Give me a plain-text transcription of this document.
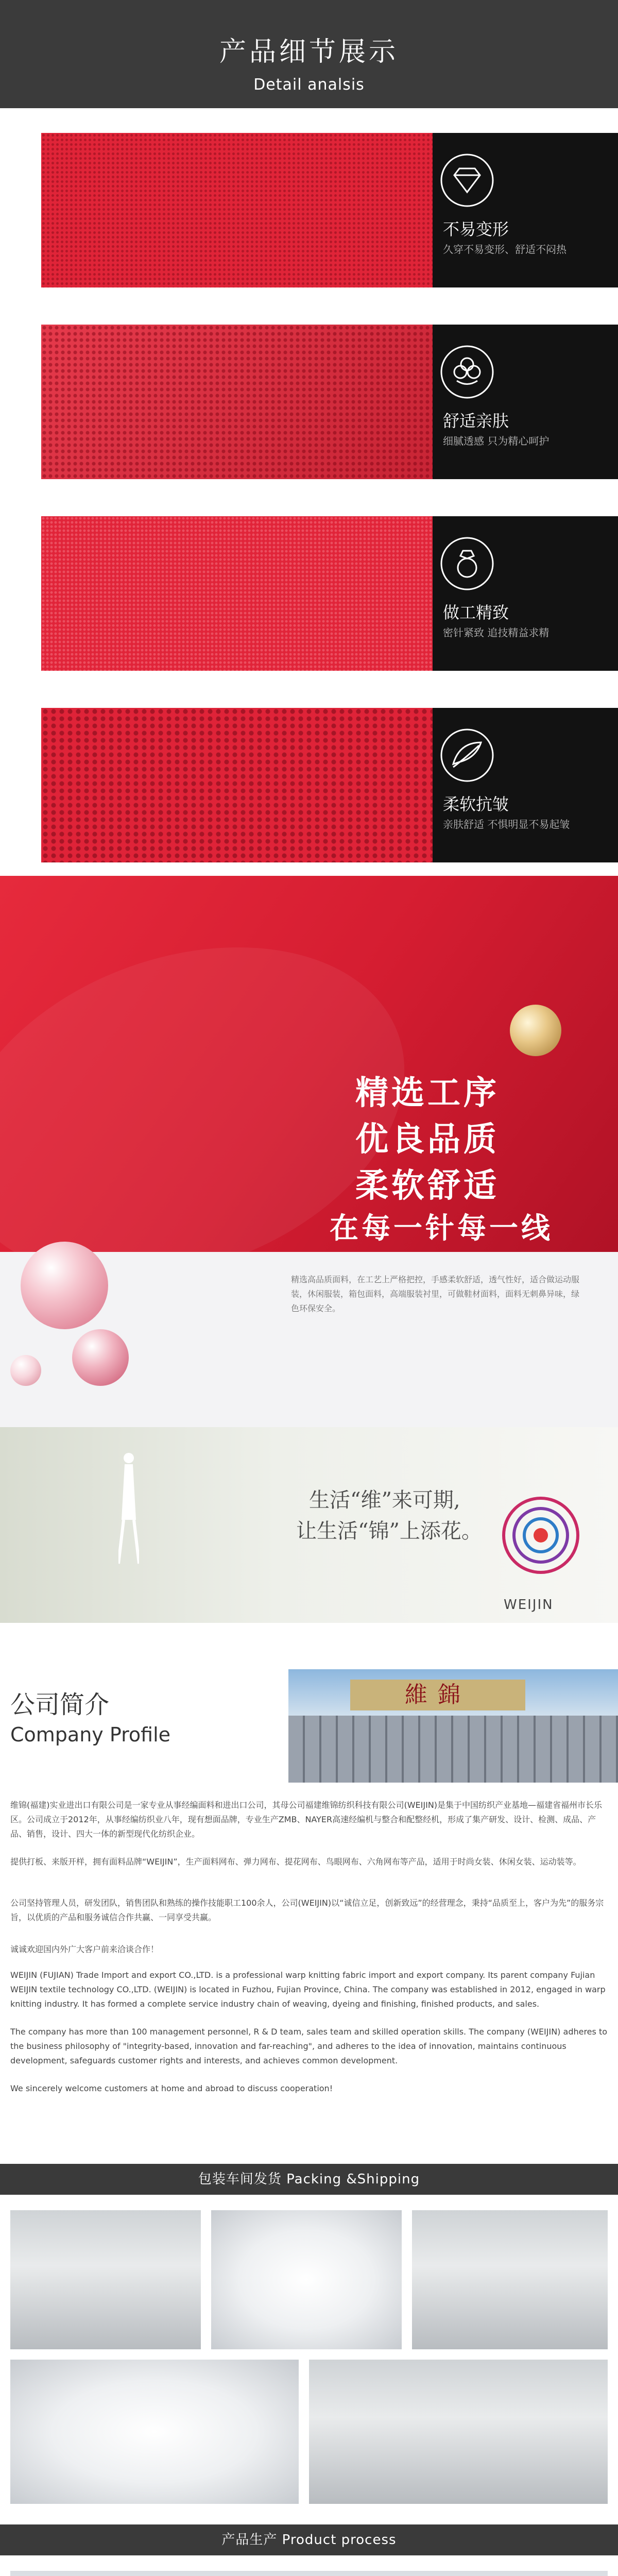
产品细节展示
Detail analsis
不易变形
久穿不易变形、舒适不闷热
舒适亲肤
细腻透感 只为精心呵护
做工精致
密针紧致 追技精益求精
柔软抗皱
亲肤舒适 不惧明显不易起皱
精选工序
优良品质
柔软舒适
在每一针每一线
精选高品质面料，在工艺上严格把控，手感柔软舒适，透气性好，适合做运动服装，休闲服装，箱包面料，高端服装衬里，可做鞋材面料，面料无刺鼻异味，绿色环保安全。
生活“维”来可期,
让生活“锦”上添花。
WEIJIN
公司简介
Company Profile
維錦
维锦(福建)实业进出口有限公司是一家专业从事经编面料和进出口公司，其母公司福建维锦纺织科技有限公司(WEIJIN)是集于中国纺织产业基地—福建省福州市长乐区。公司成立于2012年，从事经编纺织业八年，现有想面品牌，专业生产ZMB、NAYER高速经编机与整合和配整经机，形成了集产研发、设计、检测、成品、产品、销售，设计、四大一体的新型现代化纺织企业。
提供打板、来版开样，拥有面料品牌“WEIJIN”，生产面料网布、弹力网布、提花网布、鸟眼网布、六角网布等产品，适用于时尚女装、休闲女装、运动装等。
公司坚持管理人员，研发团队，销售团队和熟练的操作技能职工100余人，公司(WEIJIN)以“诚信立足，创新致远”的经营理念，秉持“品质至上，客户为先”的服务宗旨，以优质的产品和服务诚信合作共赢、一同享受共赢。
诚诚欢迎国内外广大客户前来洽谈合作！
WEIJIN (FUJIAN) Trade Import and export CO.,LTD. is a professional warp knitting fabric import and export company. Its parent company Fujian WEIJIN textile technology CO.,LTD. (WEIJIN) is located in Fuzhou, Fujian Province, China. The company was established in 2012, engaged in warp knitting industry. It has formed a complete service industry chain of weaving, dyeing and finishing, finished products, and sales.
The company has more than 100 management personnel, R & D team, sales team and skilled operation skills. The company (WEIJIN) adheres to the business philosophy of "integrity-based, innovation and far-reaching", and adheres to the idea of innovation, maintains continuous development, safeguards customer rights and interests, and achieves common development.
We sincerely welcome customers at home and abroad to discuss cooperation!
包装车间发货 Packing &Shipping
产品生产 Product process
